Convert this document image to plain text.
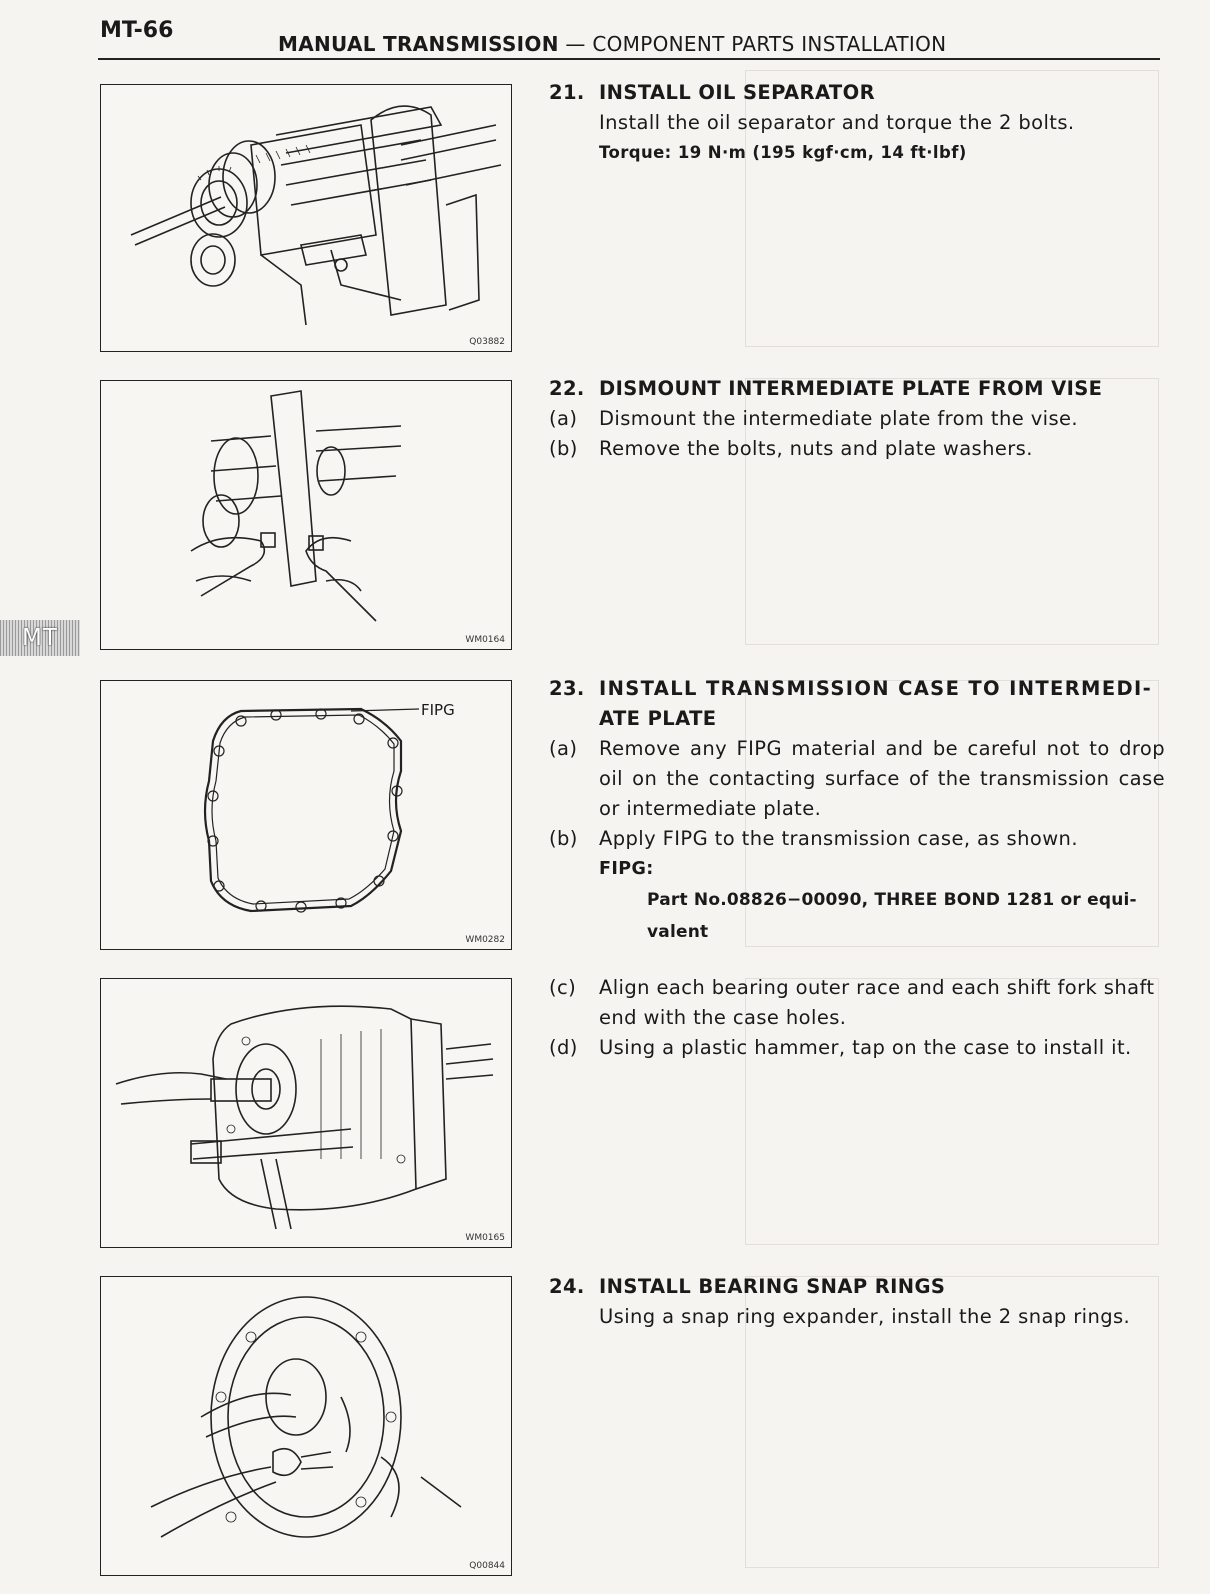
MT-66
MANUAL TRANSMISSION — COMPONENT PARTS INSTALLATION
MT
Q03882
WM0164
FIPG
WM0282
WM0165
Q00844
21. INSTALL OIL SEPARATOR
Install the oil separator and torque the 2 bolts.
Torque: 19 N·m (195 kgf·cm, 14 ft·lbf)
22. DISMOUNT INTERMEDIATE PLATE FROM VISE
(a)	Dismount the intermediate plate from the vise.
(b)	Remove the bolts, nuts and plate washers.
23. INSTALL TRANSMISSION CASE TO INTERMEDI-
ATE PLATE
(a)	Remove any FIPG material and be careful not to drop oil on the contacting surface of the transmission case or intermediate plate.
(b)	Apply FIPG to the transmission case, as shown.
FIPG:
Part No.08826−00090, THREE BOND 1281 or equi-valent
(c)	Align each bearing outer race and each shift fork shaft end with the case holes.
(d)	Using a plastic hammer, tap on the case to install it.
24. INSTALL BEARING SNAP RINGS
Using a snap ring expander, install the 2 snap rings.
